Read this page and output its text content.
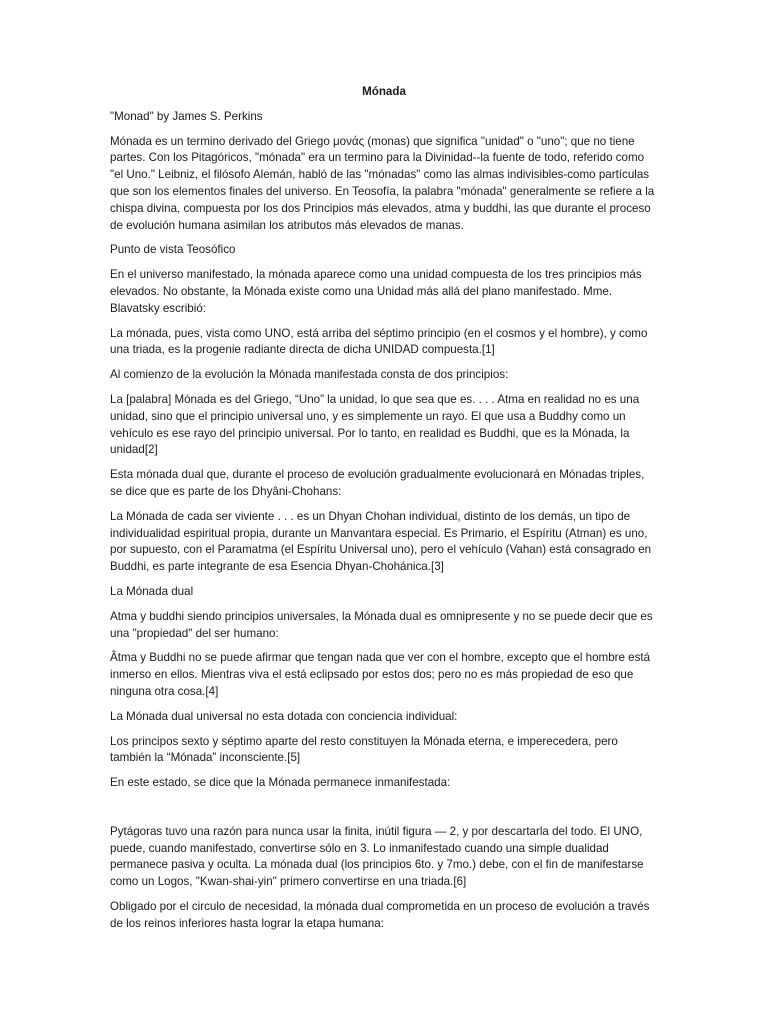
Mónada

"Monad" by James S. Perkins

Mónada es un termino derivado del Griego μονάς (monas) que significa "unidad" o "uno"; que no tiene partes. Con los Pitagóricos, "mónada" era un termino para la Divinidad--la fuente de todo, referido como "el Uno." Leibniz, el filósofo Alemán, habló de las "mónadas" como las almas indivisibles-como partículas que son los elementos finales del universo. En Teosofía, la palabra "mónada" generalmente se refiere a la chispa divina, compuesta por los dos Principios más elevados, atma y buddhi, las que durante el proceso de evolución humana asimilan los atributos más elevados de manas.

Punto de vista Teosófico

En el universo manifestado, la mónada aparece como una unidad compuesta de los tres principios más elevados. No obstante, la Mónada existe como una Unidad más allá del plano manifestado. Mme. Blavatsky escribió:

La mónada, pues, vista como UNO, está arriba del séptimo principio (en el cosmos y el hombre), y como una triada, es la progenie radiante directa de dicha UNIDAD compuesta.[1]

Al comienzo de la evolución la Mónada manifestada consta de dos principios:

La [palabra] Mónada es del Griego, “Uno” la unidad, lo que sea que es. . . . Atma en realidad no es una unidad, sino que el principio universal uno, y es simplemente un rayo. El que usa a Buddhy como un vehículo es ese rayo del principio universal. Por lo tanto, en realidad es Buddhi, que es la Mónada, la unidad[2]

Esta mónada dual que, durante el proceso de evolución gradualmente evolucionará en Mónadas triples, se dice que es parte de los Dhyâni-Chohans:

La Mónada de cada ser viviente . . . es un Dhyan Chohan individual, distinto de los demás, un tipo de individualidad espiritual propia, durante un Manvantara especial. Es Primario, el Espíritu (Atman) es uno, por supuesto, con el Paramatma (el Espíritu Universal uno), pero el vehículo (Vahan) está consagrado en Buddhi, es parte integrante de esa Esencia Dhyan-Chohánica.[3]

La Mónada dual

Atma y buddhi siendo principios universales, la Mónada dual es omnipresente y no se puede decir que es una "propiedad" del ser humano:

Âtma y Buddhi no se puede afirmar que tengan nada que ver con el hombre, excepto que el hombre está inmerso en ellos. Mientras viva el está eclipsado por estos dos; pero no es más propiedad de eso que ninguna otra cosa.[4]

La Mónada dual universal no esta dotada con conciencia individual:

Los principos sexto y séptimo aparte del resto constituyen la Mónada eterna, e imperecedera, pero también la “Mónada” inconsciente.[5]

En este estado, se dice que la Mónada permanece inmanifestada:

Pytágoras tuvo una razón para nunca usar la finita, inútil figura — 2, y por descartarla del todo. El UNO, puede, cuando manifestado, convertirse sólo en 3. Lo inmanifestado cuando una simple dualidad permanece pasiva y oculta. La mónada dual (los principios 6to. y 7mo.) debe, con el fin de manifestarse como un Logos, "Kwan-shai-yin" primero convertirse en una triada.[6]

Obligado por el circulo de necesidad, la mónada dual comprometida en un proceso de evolución a través de los reinos inferiores hasta lograr la etapa humana:
